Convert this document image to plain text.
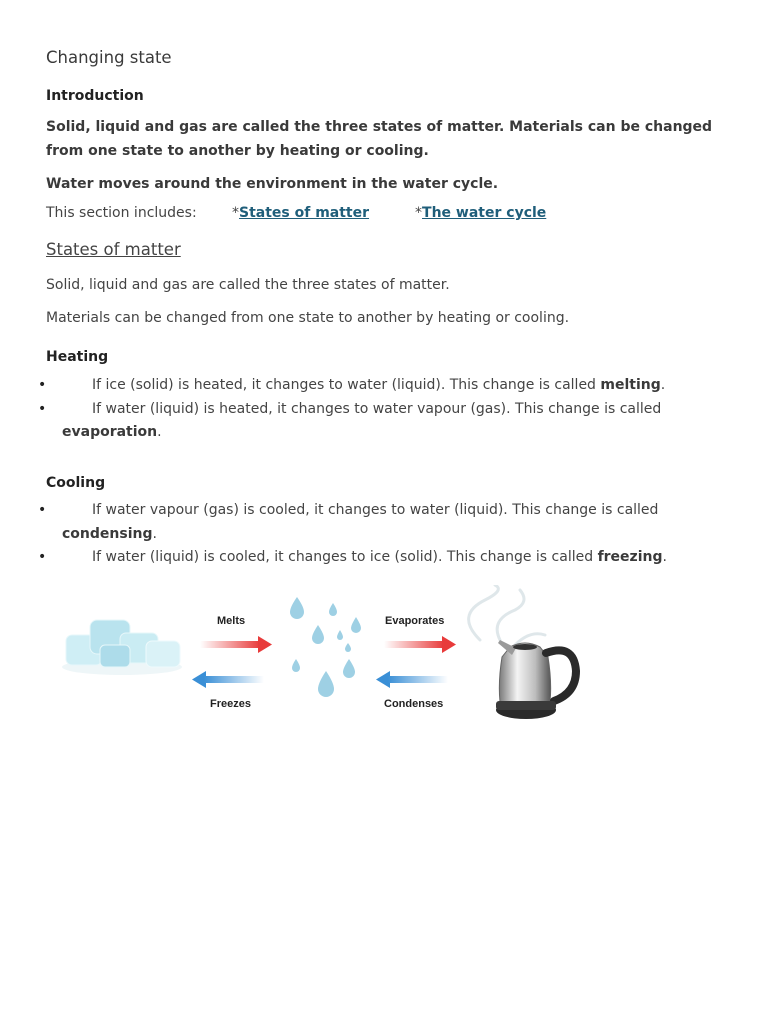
Changing state
Introduction
Solid, liquid and gas are called the three states of matter. Materials can be changed from one state to another by heating or cooling.
Water moves around the environment in the water cycle.
This section includes:	*States of matter	*The water cycle
States of matter
Solid, liquid and gas are called the three states of matter.
Materials can be changed from one state to another by heating or cooling.
Heating
•	If ice (solid) is heated, it changes to water (liquid). This change is called melting.
•	If water (liquid) is heated, it changes to water vapour (gas). This change is called evaporation.
Cooling
•	If water vapour (gas) is cooled, it changes to water (liquid). This change is called condensing.
•	If water (liquid) is cooled, it changes to ice (solid). This change is called freezing.
Melts
Freezes
Evaporates
Condenses
